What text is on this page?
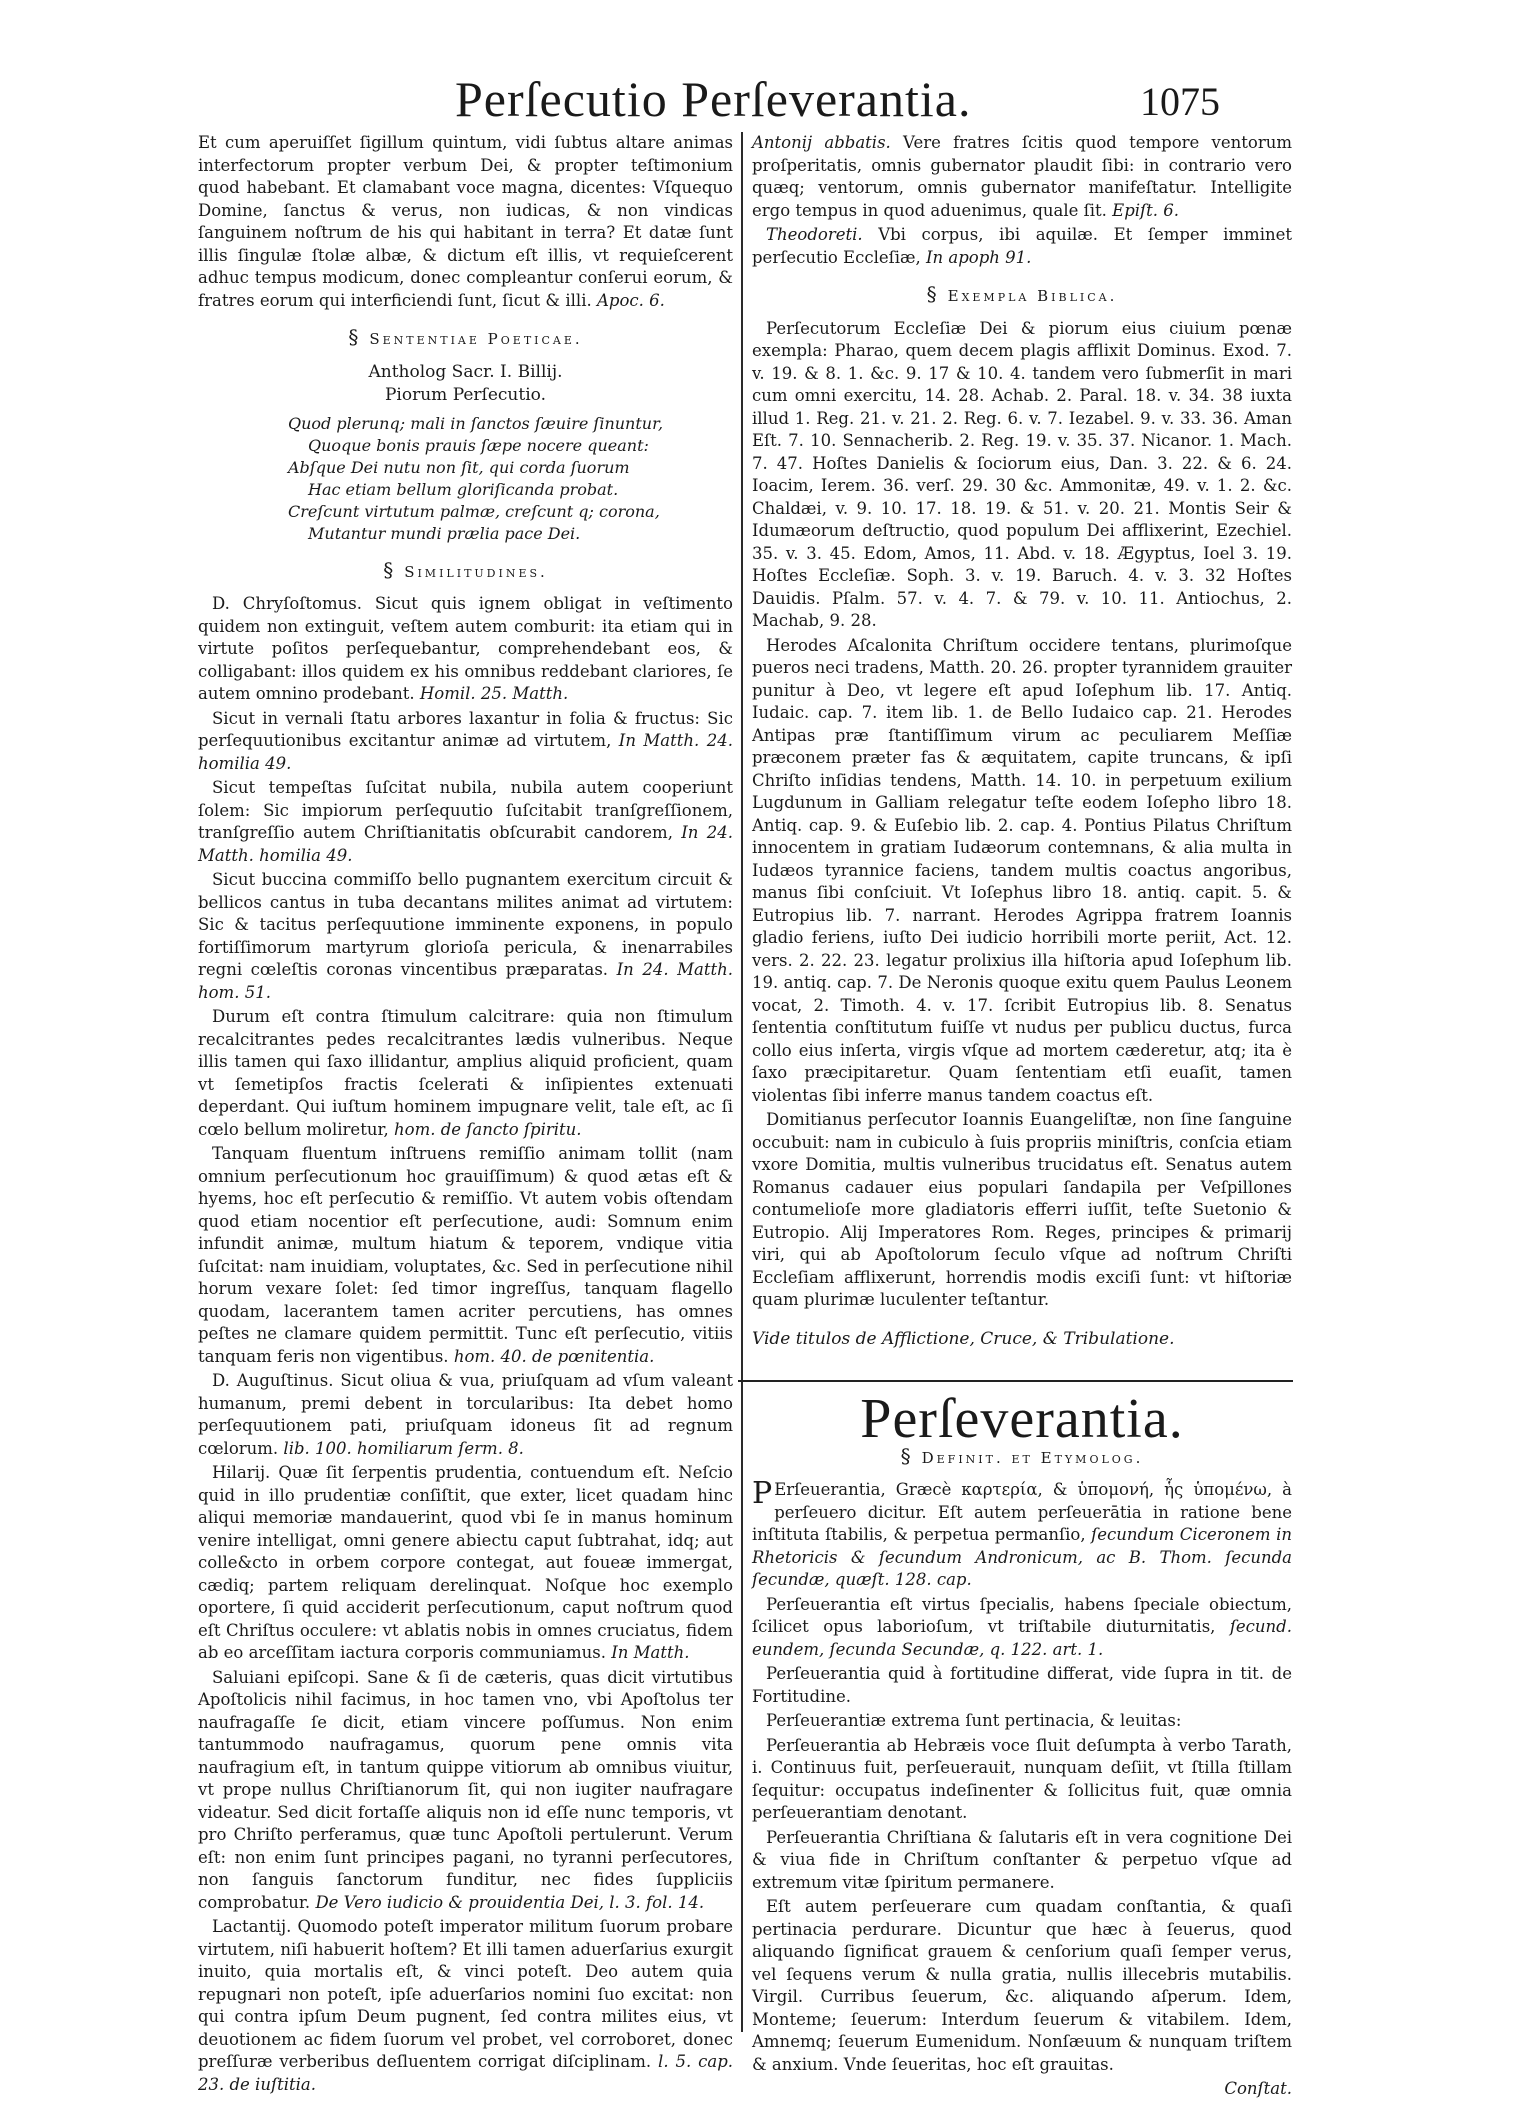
Perſecutio Perſeverantia.	1075

Et cum aperuiſſet ſigillum quintum, vidi ſubtus altare animas interfectorum propter verbum Dei, & propter teſtimonium quod habebant. Et clamabant voce magna, dicentes: Vſquequo Domine, ſanctus & verus, non iudicas, & non vindicas ſanguinem noſtrum de his qui habitant in terra? Et datæ ſunt illis ſingulæ ſtolæ albæ, & dictum eſt illis, vt requieſcerent adhuc tempus modicum, donec compleantur conſerui eorum, & fratres eorum qui interficiendi ſunt, ſicut & illi. Apoc. 6.

§ Sententiae Poeticae.
Antholog Sacr. I. Billij.
Piorum Perſecutio.
Quod plerunq; mali in ſanctos ſæuire ſinuntur,
Quoque bonis prauis ſæpe nocere queant:
Abſque Dei nutu non ſit, qui corda ſuorum
Hac etiam bellum gloriſicanda probat.
Creſcunt virtutum palmæ, creſcunt q; corona,
Mutantur mundi prælia pace Dei.
§ Similitudines.

D. Chryſoſtomus. Sicut quis ignem obligat in veſtimento quidem non extinguit, veſtem autem comburit: ita etiam qui in virtute poſitos perſequebantur, comprehendebant eos, & colligabant: illos quidem ex his omnibus reddebant clariores, ſe autem omnino prodebant. Homil. 25. Matth.

Sicut in vernali ſtatu arbores laxantur in folia & fructus: Sic perſequutionibus excitantur animæ ad virtutem, In Matth. 24. homilia 49.

Sicut tempeſtas ſuſcitat nubila, nubila autem cooperiunt ſolem: Sic impiorum perſequutio ſuſcitabit tranſgreſſionem, tranſgreſſio autem Chriſtianitatis obſcurabit candorem, In 24. Matth. homilia 49.

Sicut buccina commiſſo bello pugnantem exercitum circuit & bellicos cantus in tuba decantans milites animat ad virtutem: Sic & tacitus perſequutione imminente exponens, in populo fortiſſimorum martyrum glorioſa pericula, & inenarrabiles regni cœleſtis coronas vincentibus præparatas. In 24. Matth. hom. 51.

Durum eſt contra ſtimulum calcitrare: quia non ſtimulum recalcitrantes pedes recalcitrantes lædis vulneribus. Neque illis tamen qui ſaxo illidantur, amplius aliquid proficient, quam vt ſemetipſos fractis ſcelerati & inſipientes extenuati deperdant. Qui iuſtum hominem impugnare velit, tale eſt, ac ſi cœlo bellum moliretur, hom. de ſancto ſpiritu.

Tanquam fluentum inſtruens remiſſio animam tollit (nam omnium perſecutionum hoc grauiſſimum) & quod ætas eſt & hyems, hoc eſt perſecutio & remiſſio. Vt autem vobis oſtendam quod etiam nocentior eſt perſecutione, audi: Somnum enim infundit animæ, multum hiatum & teporem, vndique vitia ſuſcitat: nam inuidiam, voluptates, &c. Sed in perſecutione nihil horum vexare ſolet: ſed timor ingreſſus, tanquam flagello quodam, lacerantem tamen acriter percutiens, has omnes peſtes ne clamare quidem permittit. Tunc eſt perſecutio, vitiis tanquam feris non vigentibus. hom. 40. de pœnitentia.

D. Auguſtinus. Sicut oliua & vua, priuſquam ad vſum valeant humanum, premi debent in torcularibus: Ita debet homo perſequutionem pati, priuſquam idoneus ſit ad regnum cœlorum. lib. 100. homiliarum ſerm. 8.

Hilarij. Quæ ſit ſerpentis prudentia, contuendum eſt. Neſcio quid in illo prudentiæ conſiſtit, que exter, licet quadam hinc aliqui memoriæ mandauerint, quod vbi ſe in manus hominum venire intelligat, omni genere abiectu caput ſubtrahat, idq; aut colle&cto in orbem corpore contegat, aut foueæ immergat, cædiq; partem reliquam derelinquat. Noſque hoc exemplo oportere, ſi quid acciderit perſecutionum, caput noſtrum quod eſt Chriſtus occulere: vt ablatis nobis in omnes cruciatus, fidem ab eo arceſſitam iactura corporis communiamus. In Matth.

Saluiani epiſcopi. Sane & ſi de cæteris, quas dicit virtutibus Apoſtolicis nihil facimus, in hoc tamen vno, vbi Apoſtolus ter naufragaſſe ſe dicit, etiam vincere poſſumus. Non enim tantummodo naufragamus, quorum pene omnis vita naufragium eſt, in tantum quippe vitiorum ab omnibus viuitur, vt prope nullus Chriſtianorum ſit, qui non iugiter naufragare videatur. Sed dicit fortaſſe aliquis non id eſſe nunc temporis, vt pro Chriſto perferamus, quæ tunc Apoſtoli pertulerunt. Verum eſt: non enim ſunt principes pagani, no tyranni perſecutores, non ſanguis ſanctorum funditur, nec fides ſuppliciis comprobatur. De Vero iudicio & prouidentia Dei, l. 3. fol. 14.

Lactantij. Quomodo poteſt imperator militum ſuorum probare virtutem, niſi habuerit hoſtem? Et illi tamen aduerſarius exurgit inuito, quia mortalis eſt, & vinci poteſt. Deo autem quia repugnari non poteſt, ipſe aduerſarios nomini ſuo excitat: non qui contra ipſum Deum pugnent, ſed contra milites eius, vt deuotionem ac fidem ſuorum vel probet, vel corroboret, donec preſſuræ verberibus deſluentem corrigat diſciplinam. l. 5. cap. 23. de iuſtitia.

Antonij abbatis. Vere fratres ſcitis quod tempore ventorum proſperitatis, omnis gubernator plaudit ſibi: in contrario vero quæq; ventorum, omnis gubernator manifeſtatur. Intelligite ergo tempus in quod aduenimus, quale ſit. Epiſt. 6.

Theodoreti. Vbi corpus, ibi aquilæ. Et ſemper imminet perſecutio Eccleſiæ, In apoph 91.

§ Exempla Biblica.

Perſecutorum Eccleſiæ Dei & piorum eius ciuium pœnæ exempla: Pharao, quem decem plagis afflixit Dominus. Exod. 7. v. 19. & 8. 1. &c. 9. 17 & 10. 4. tandem vero ſubmerſit in mari cum omni exercitu, 14. 28. Achab. 2. Paral. 18. v. 34. 38 iuxta illud 1. Reg. 21. v. 21. 2. Reg. 6. v. 7. Iezabel. 9. v. 33. 36. Aman Eſt. 7. 10. Sennacherib. 2. Reg. 19. v. 35. 37. Nicanor. 1. Mach. 7. 47. Hoſtes Danielis & ſociorum eius, Dan. 3. 22. & 6. 24. Ioacim, Ierem. 36. verſ. 29. 30 &c. Ammonitæ, 49. v. 1. 2. &c. Chaldæi, v. 9. 10. 17. 18. 19. & 51. v. 20. 21. Montis Seir & Idumæorum deſtructio, quod populum Dei afflixerint, Ezechiel. 35. v. 3. 45. Edom, Amos, 11. Abd. v. 18. Ægyptus, Ioel 3. 19. Hoſtes Eccleſiæ. Soph. 3. v. 19. Baruch. 4. v. 3. 32 Hoſtes Dauidis. Pſalm. 57. v. 4. 7. & 79. v. 10. 11. Antiochus, 2. Machab, 9. 28.

Herodes Aſcalonita Chriſtum occidere tentans, plurimoſque pueros neci tradens, Matth. 20. 26. propter tyrannidem grauiter punitur à Deo, vt legere eſt apud Ioſephum lib. 17. Antiq. Iudaic. cap. 7. item lib. 1. de Bello Iudaico cap. 21. Herodes Antipas præ ſtantiſſimum virum ac peculiarem Meſſiæ præconem præter fas & æquitatem, capite truncans, & ipſi Chriſto inſidias tendens, Matth. 14. 10. in perpetuum exilium Lugdunum in Galliam relegatur teſte eodem Ioſepho libro 18. Antiq. cap. 9. & Euſebio lib. 2. cap. 4. Pontius Pilatus Chriſtum innocentem in gratiam Iudæorum contemnans, & alia multa in Iudæos tyrannice faciens, tandem multis coactus angoribus, manus ſibi conſciuit. Vt Ioſephus libro 18. antiq. capit. 5. & Eutropius lib. 7. narrant. Herodes Agrippa fratrem Ioannis gladio feriens, iuſto Dei iudicio horribili morte periit, Act. 12. vers. 2. 22. 23. legatur prolixius illa hiſtoria apud Ioſephum lib. 19. antiq. cap. 7. De Neronis quoque exitu quem Paulus Leonem vocat, 2. Timoth. 4. v. 17. ſcribit Eutropius lib. 8. Senatus ſententia conſtitutum fuiſſe vt nudus per publicu ductus, furca collo eius inſerta, virgis vſque ad mortem cæderetur, atq; ita è ſaxo præcipitaretur. Quam ſententiam etſi euaſit, tamen violentas ſibi inferre manus tandem coactus eſt.

Domitianus perſecutor Ioannis Euangeliſtæ, non ſine ſanguine occubuit: nam in cubiculo à ſuis propriis miniſtris, conſcia etiam vxore Domitia, multis vulneribus trucidatus eſt. Senatus autem Romanus cadauer eius populari ſandapila per Veſpillones contumelioſe more gladiatoris efferri iuſſit, teſte Suetonio & Eutropio. Alij Imperatores Rom. Reges, principes & primarij viri, qui ab Apoſtolorum ſeculo vſque ad noſtrum Chriſti Eccleſiam afflixerunt, horrendis modis exciſi ſunt: vt hiſtoriæ quam plurimæ luculenter teſtantur.

Vide titulos de Afflictione, Cruce, & Tribulatione.

Perſeverantia.
§ Definit. et Etymolog.

P Erſeuerantia, Græcè καρτερία, & ὑπομονή, ἧς ὑπομένω, à perſeuero dicitur. Eſt autem perſeuerātia in ratione bene inſtituta ſtabilis, & perpetua permanſio, ſecundum Ciceronem in Rhetoricis & ſecundum Andronicum, ac B. Thom. ſecunda ſecundæ, quæſt. 128. cap.

Perſeuerantia eſt virtus ſpecialis, habens ſpeciale obiectum, ſcilicet opus laborioſum, vt triſtabile diuturnitatis, ſecund. eundem, ſecunda Secundæ, q. 122. art. 1.

Perſeuerantia quid à fortitudine differat, vide ſupra in tit. de Fortitudine.

Perſeuerantiæ extrema ſunt pertinacia, & leuitas:

Perſeuerantia ab Hebræis voce ſluit deſumpta à verbo Tarath, i. Continuus fuit, perſeuerauit, nunquam deſiit, vt ſtilla ſtillam ſequitur: occupatus indeſinenter & ſollicitus fuit, quæ omnia perſeuerantiam denotant.

Perſeuerantia Chriſtiana & ſalutaris eſt in vera cognitione Dei & viua fide in Chriſtum conſtanter & perpetuo vſque ad extremum vitæ ſpiritum permanere.

Eſt autem perſeuerare cum quadam conſtantia, & quaſi pertinacia perdurare. Dicuntur que hæc à ſeuerus, quod aliquando ſignificat grauem & cenſorium quaſi ſemper verus, vel ſequens verum & nulla gratia, nullis illecebris mutabilis. Virgil. Curribus ſeuerum, &c. aliquando aſperum. Idem, Monteme; ſeuerum: Interdum ſeuerum & vitabilem. Idem, Amnemq; ſeuerum Eumenidum. Nonſæuum & nunquam triſtem & anxium. Vnde ſeueritas, hoc eſt grauitas.

Conſtat.
